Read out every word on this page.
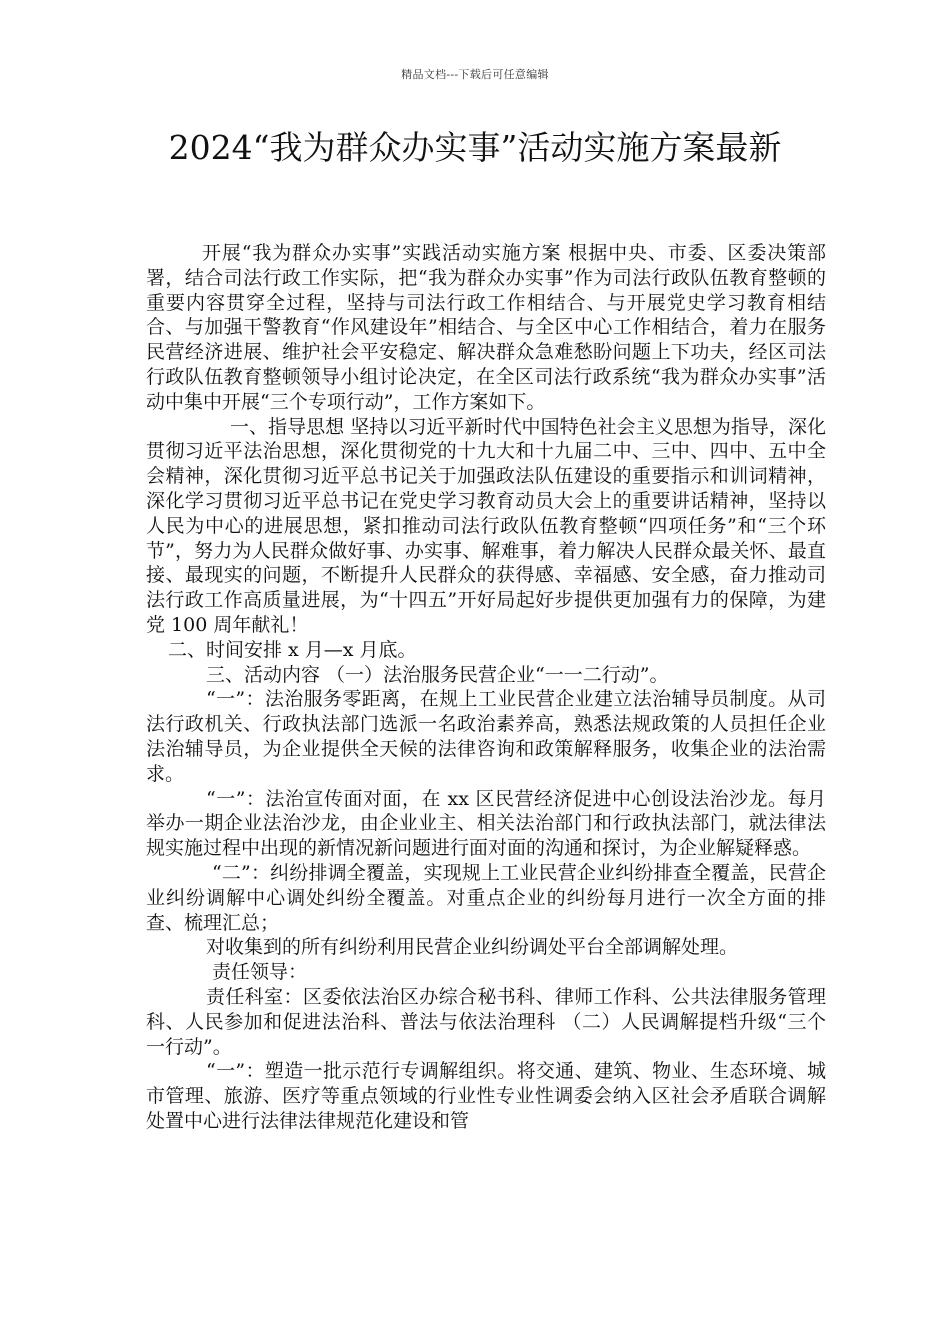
精品文档---下载后可任意编辑
2024“我为群众办实事”活动实施方案最新

开展“我为群众办实事”实践活动实施方案 根据中央、市委、区委决策部署，结合司法行政工作实际，把“我为群众办实事”作为司法行政队伍教育整顿的重要内容贯穿全过程，坚持与司法行政工作相结合、与开展党史学习教育相结合、与加强干警教育“作风建设年”相结合、与全区中心工作相结合，着力在服务民营经济进展、维护社会平安稳定、解决群众急难愁盼问题上下功夫，经区司法行政队伍教育整顿领导小组讨论决定，在全区司法行政系统“我为群众办实事”活动中集中开展“三个专项行动”，工作方案如下。

一、指导思想 坚持以习近平新时代中国特色社会主义思想为指导，深化贯彻习近平法治思想，深化贯彻党的十九大和十九届二中、三中、四中、五中全会精神，深化贯彻习近平总书记关于加强政法队伍建设的重要指示和训词精神，深化学习贯彻习近平总书记在党史学习教育动员大会上的重要讲话精神，坚持以人民为中心的进展思想，紧扣推动司法行政队伍教育整顿“四项任务”和“三个环节”，努力为人民群众做好事、办实事、解难事，着力解决人民群众最关怀、最直接、最现实的问题，不断提升人民群众的获得感、幸福感、安全感，奋力推动司法行政工作高质量进展，为“十四五”开好局起好步提供更加强有力的保障，为建党 100 周年献礼！

二、时间安排 x 月—x 月底。

三、活动内容 （一）法治服务民营企业“一一二行动”。

“一”：法治服务零距离，在规上工业民营企业建立法治辅导员制度。从司法行政机关、行政执法部门选派一名政治素养高，熟悉法规政策的人员担任企业法治辅导员，为企业提供全天候的法律咨询和政策解释服务，收集企业的法治需求。

“一”：法治宣传面对面，在 xx 区民营经济促进中心创设法治沙龙。每月举办一期企业法治沙龙，由企业业主、相关法治部门和行政执法部门，就法律法规实施过程中出现的新情况新问题进行面对面的沟通和探讨，为企业解疑释惑。

“二”：纠纷排调全覆盖，实现规上工业民营企业纠纷排查全覆盖，民营企业纠纷调解中心调处纠纷全覆盖。对重点企业的纠纷每月进行一次全方面的排查、梳理汇总；

对收集到的所有纠纷利用民营企业纠纷调处平台全部调解处理。

责任领导：

责任科室：区委依法治区办综合秘书科、律师工作科、公共法律服务管理科、人民参加和促进法治科、普法与依法治理科 （二）人民调解提档升级“三个一行动”。

“一”：塑造一批示范行专调解组织。将交通、建筑、物业、生态环境、城市管理、旅游、医疗等重点领域的行业性专业性调委会纳入区社会矛盾联合调解处置中心进行法律法律规范化建设和管
